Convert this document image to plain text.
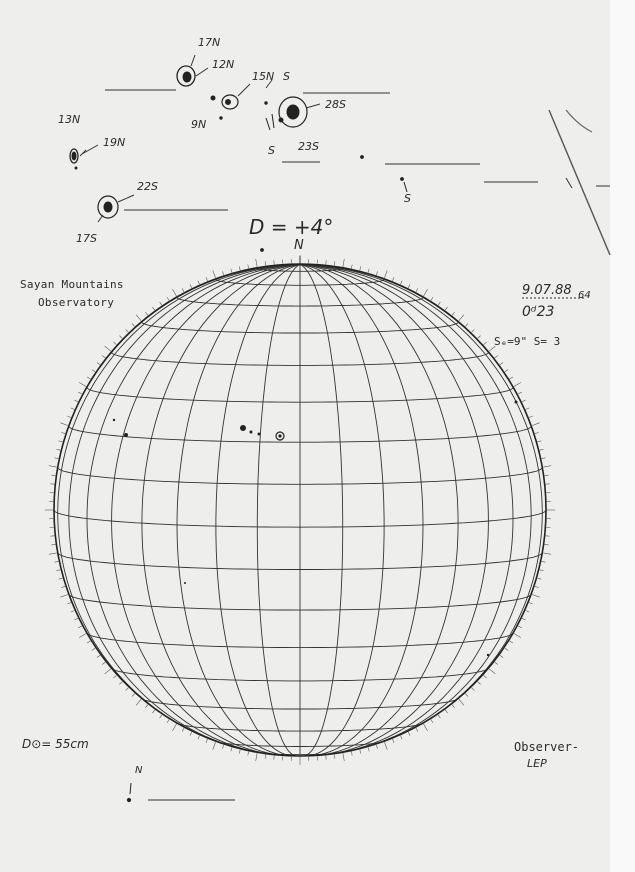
D = +4°
N
Sayan Mountains
Observatory
9.07.88 64
0ᵈ23
Sₑ=9" S= 3
D⊙= 55cm	Observer-
LEP
S
N
17N
12N
15N S
9N
28S
S 23S
13N
19N
22S
17S
